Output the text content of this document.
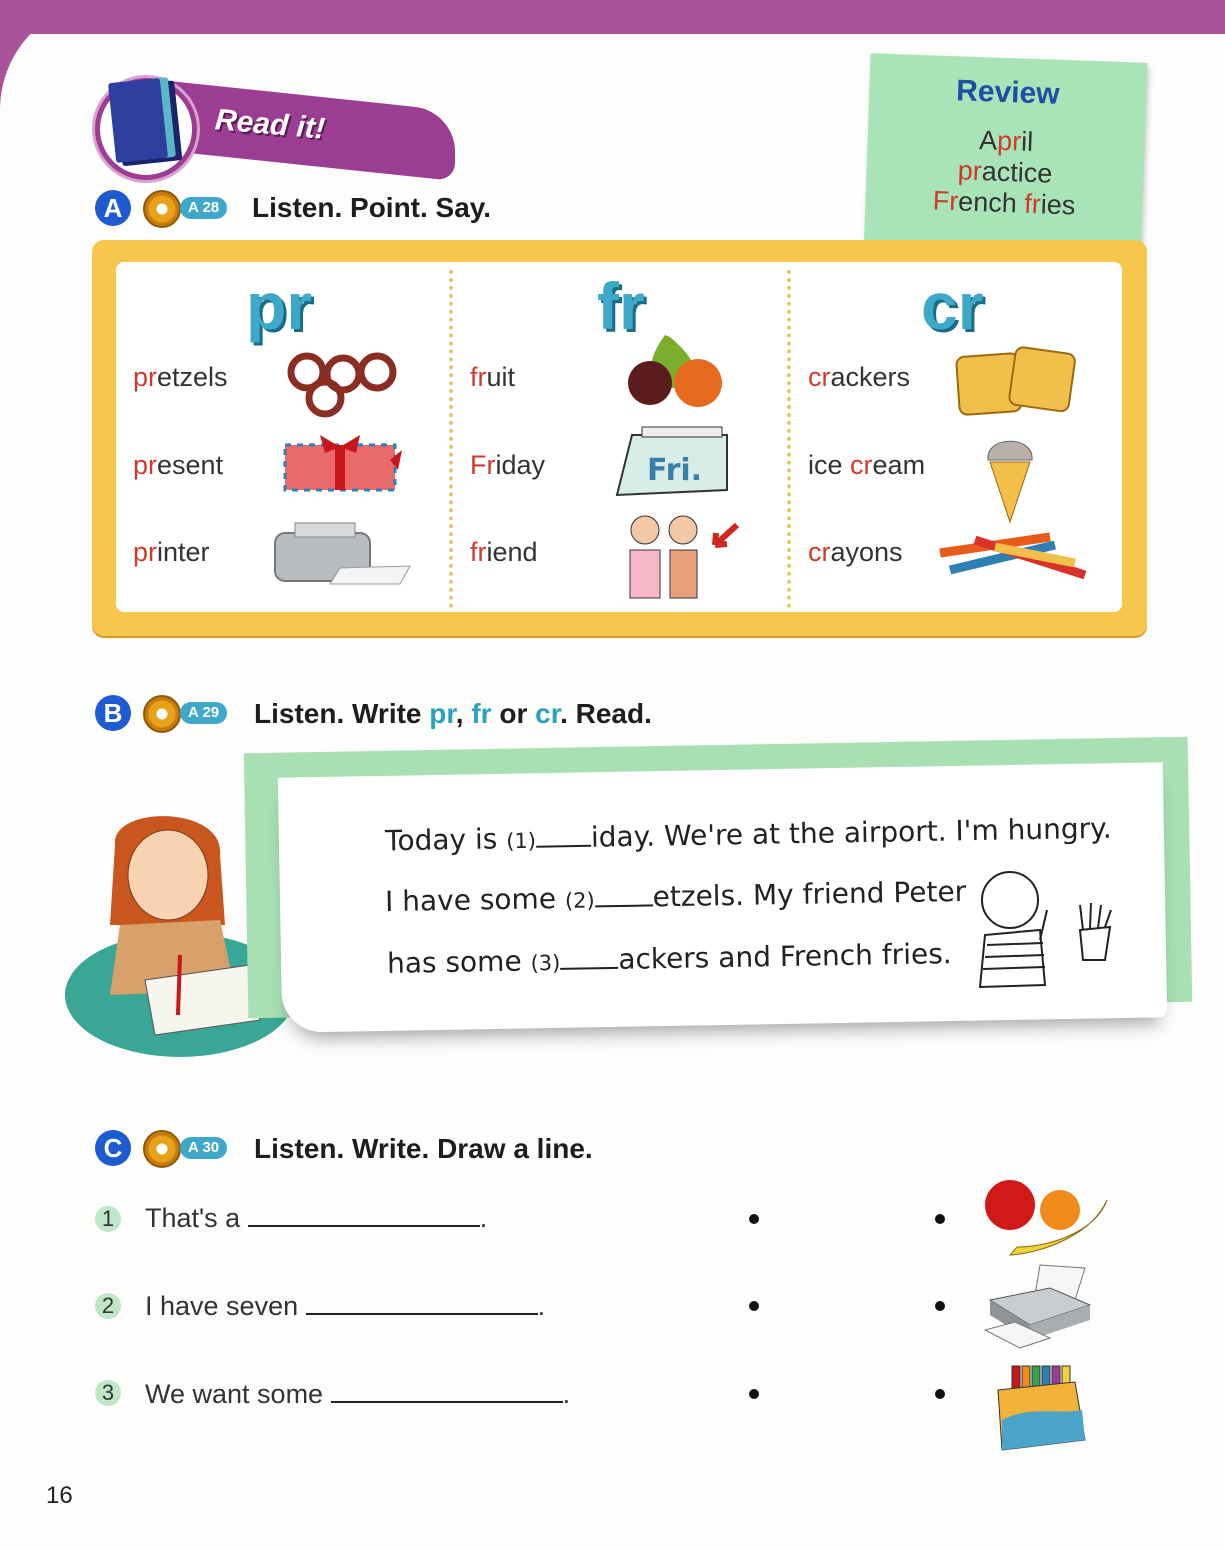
Read it!
Review
April
practice
French fries
A	A 28 Listen. Point. Say.
pr
pretzels
present
printer
fr
fruit
Friday
friend
Fri.
cr
crackers
ice cream
crayons
B	A 29 Listen. Write pr, fr or cr. Read.
Today is (1) iday. We're at the airport. I'm hungry.
I have some (2) etzels. My friend Peter
has some (3) ackers and French fries.
C	A 30 Listen. Write. Draw a line.
1 That's a	.
2 I have seven	.
3 We want some	.
16
